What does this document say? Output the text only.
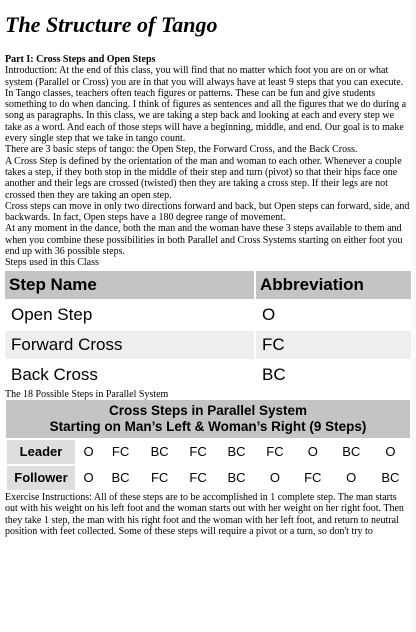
The Structure of Tango

Part I: Cross Steps and Open Steps

Introduction: At the end of this class, you will find that no matter which foot you are on or what system (Parallel or Cross) you are in that you will always have at least 9 steps that you can execute. In Tango classes, teachers often teach figures or patterns. These can be fun and give students something to do when dancing. I think of figures as sentences and all the figures that we do during a song as paragraphs. In this class, we are taking a step back and looking at each and every step we take as a word. And each of those steps will have a beginning, middle, and end. Our goal is to make every single step that we take in tango count.

There are 3 basic steps of tango: the Open Step, the Forward Cross, and the Back Cross.

A Cross Step is defined by the orientation of the man and woman to each other. Whenever a couple takes a step, if they both stop in the middle of their step and turn (pivot) so that their hips face one another and their legs are crossed (twisted) then they are taking a cross step. If their legs are not crossed then they are taking an open step.

Cross steps can move in only two directions forward and back, but Open steps can forward, side, and backwards. In fact, Open steps have a 180 degree range of movement.

At any moment in the dance, both the man and the woman have these 3 steps available to them and when you combine these possibilities in both Parallel and Cross Systems starting on either foot you end up with 36 possible steps.

Steps used in this Class

Step Name	Abbreviation
Open Step	O
Forward Cross	FC
Back Cross	BC

The 18 Possible Steps in Parallel System

Cross Steps in Parallel System
Starting on Man’s Left & Woman’s Right (9 Steps)									
Leader	O	FC	BC	FC	BC	FC	O	BC	O
Follower	O	BC	FC	FC	BC	O	FC	O	BC

Exercise Instructions: All of these steps are to be accomplished in 1 complete step. The man starts out with his weight on his left foot and the woman starts out with her weight on her right foot. Then they take 1 step, the man with his right foot and the woman with her left foot, and return to neutral position with feet collected. Some of these steps will require a pivot or a turn, so don't try to
